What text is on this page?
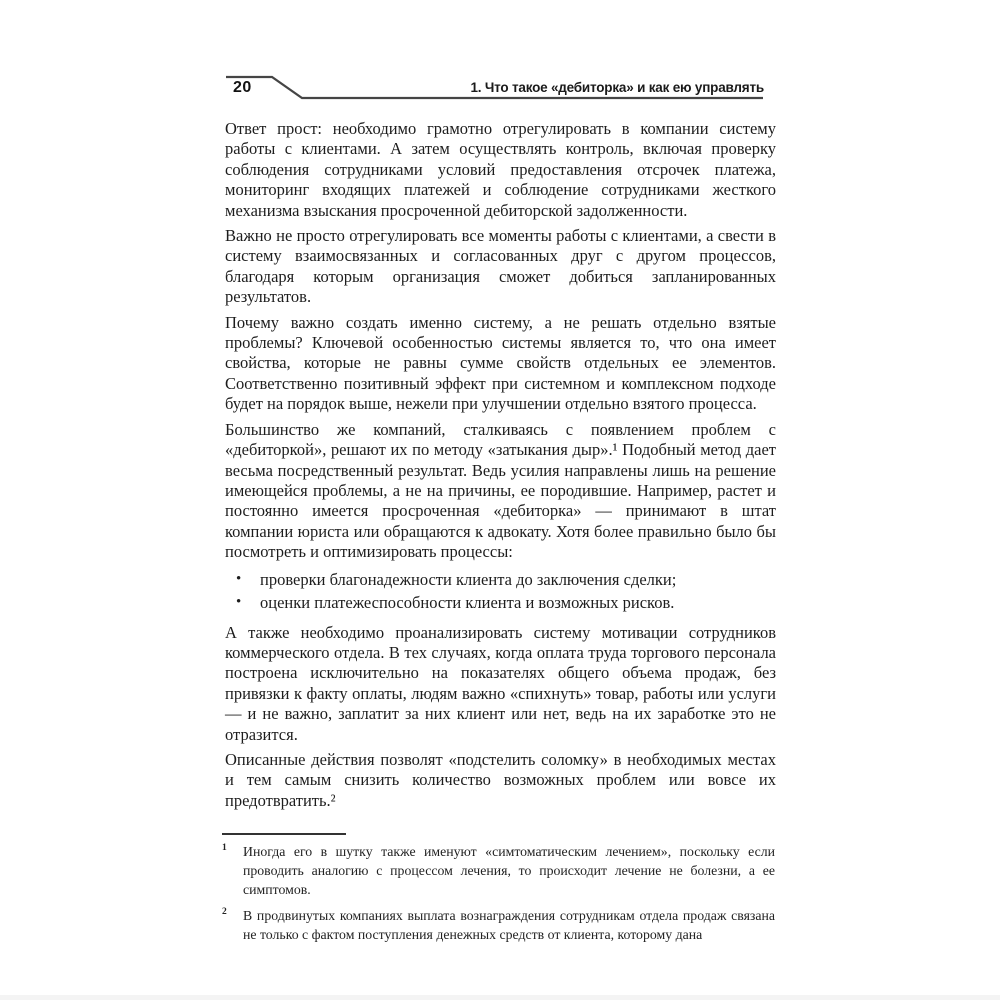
20	1. Что такое «дебиторка» и как ею управлять

Ответ прост: необходимо грамотно отрегулировать в компании систему работы с клиентами. А затем осуществлять контроль, включая проверку соблюдения сотрудниками условий предоставления отсрочек платежа, мониторинг входящих платежей и соблюдение сотрудниками жесткого механизма взыскания просроченной дебиторской задолженности.

Важно не просто отрегулировать все моменты работы с клиентами, а свести в систему взаимосвязанных и согласованных друг с другом процессов, благодаря которым организация сможет добиться запланированных результатов.

Почему важно создать именно систему, а не решать отдельно взятые проблемы? Ключевой особенностью системы является то, что она имеет свойства, которые не равны сумме свойств отдельных ее элементов. Соответственно позитивный эффект при системном и комплексном подходе будет на порядок выше, нежели при улучшении отдельно взятого процесса.

Большинство же компаний, сталкиваясь с появлением проблем с «дебиторкой», решают их по методу «затыкания дыр».¹ Подобный метод дает весьма посредственный результат. Ведь усилия направлены лишь на решение имеющейся проблемы, а не на причины, ее породившие. Например, растет и постоянно имеется просроченная «дебиторка» — принимают в штат компании юриста или обращаются к адвокату. Хотя более правильно было бы посмотреть и оптимизировать процессы:

•	проверки благонадежности клиента до заключения сделки;
•	оценки платежеспособности клиента и возможных рисков.

А также необходимо проанализировать систему мотивации сотрудников коммерческого отдела. В тех случаях, когда оплата труда торгового персонала построена исключительно на показателях общего объема продаж, без привязки к факту оплаты, людям важно «спихнуть» товар, работы или услуги — и не важно, заплатит за них клиент или нет, ведь на их заработке это не отразится.

Описанные действия позволят «подстелить соломку» в необходимых местах и тем самым снизить количество возможных проблем или вовсе их предотвратить.²

1	Иногда его в шутку также именуют «симтоматическим лечением», поскольку если проводить аналогию с процессом лечения, то происходит лечение не болезни, а ее симптомов.
2	В продвинутых компаниях выплата вознаграждения сотрудникам отдела продаж связана не только с фактом поступления денежных средств от клиента, которому дана
